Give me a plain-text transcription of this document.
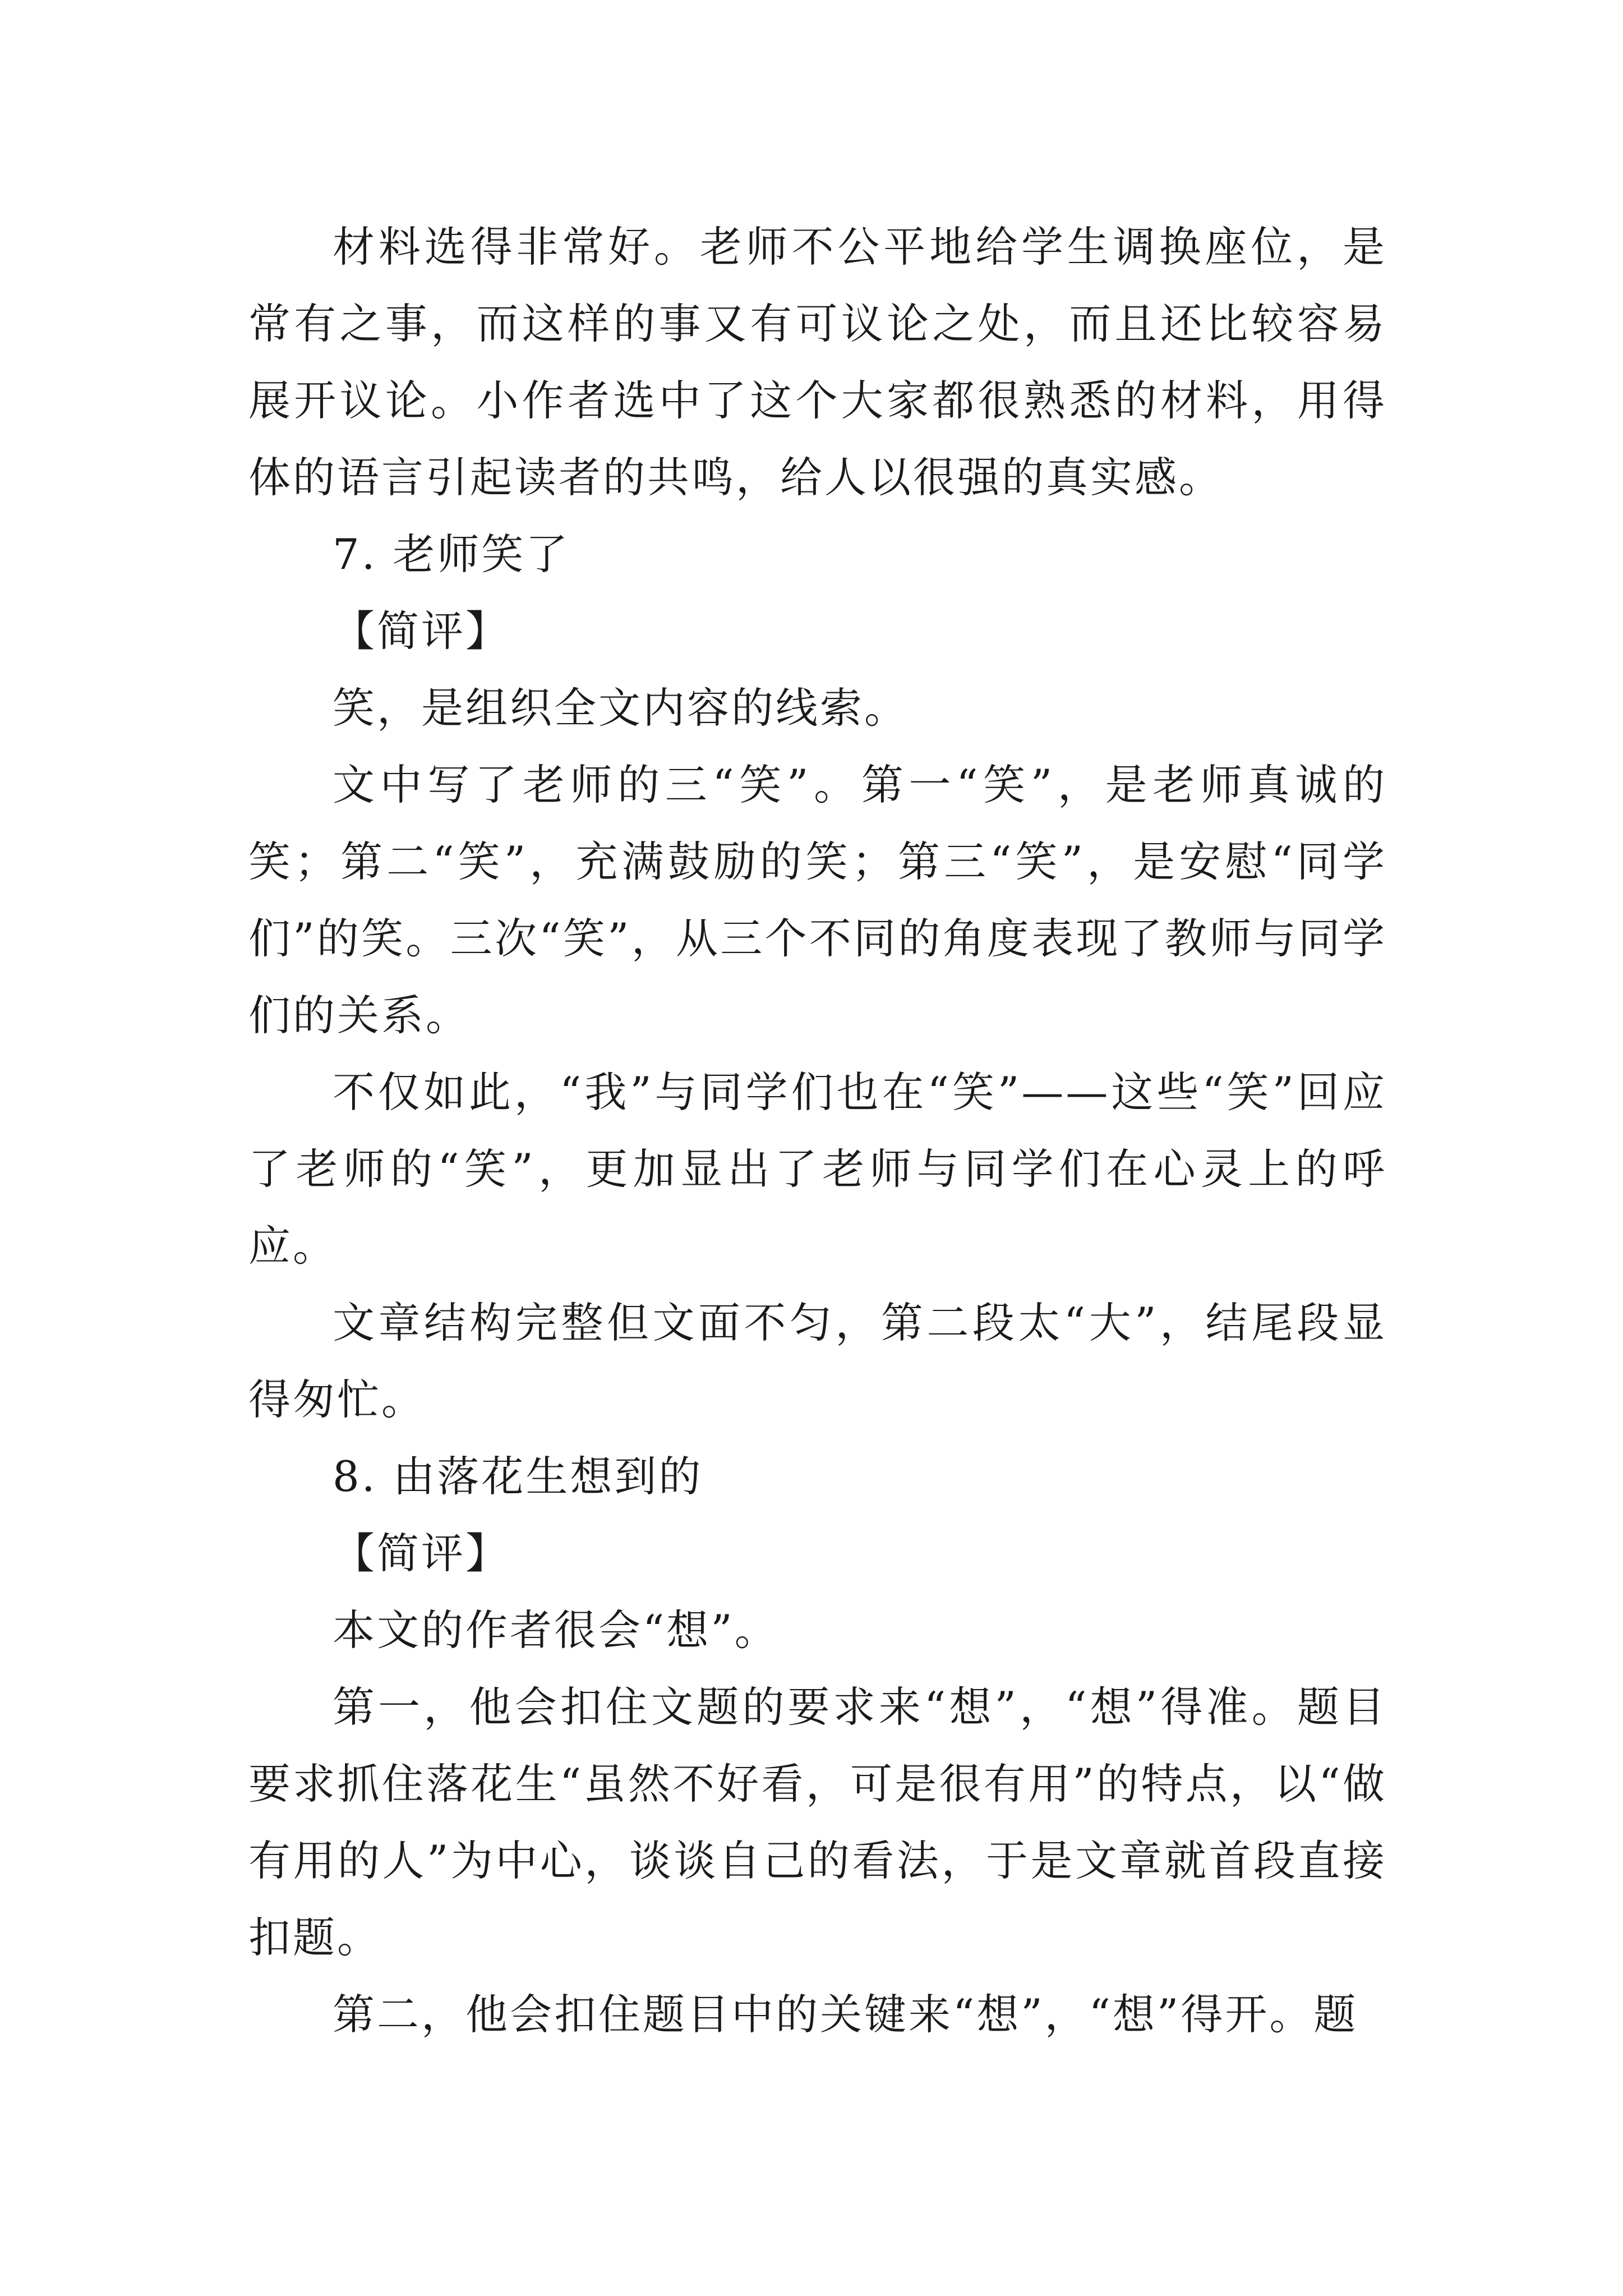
材料选得非常好。老师不公平地给学生调换座位，是常有之事，而这样的事又有可议论之处，而且还比较容易展开议论。小作者选中了这个大家都很熟悉的材料，用得体的语言引起读者的共鸣，给人以很强的真实感。

7. 老师笑了

【简评】

笑，是组织全文内容的线索。

文中写了老师的三“笑”。第一“笑”，是老师真诚的笑；第二“笑”，充满鼓励的笑；第三“笑”，是安慰“同学们”的笑。三次“笑”，从三个不同的角度表现了教师与同学们的关系。

不仅如此，“我”与同学们也在“笑”——这些“笑”回应了老师的“笑”，更加显出了老师与同学们在心灵上的呼应。

文章结构完整但文面不匀，第二段太“大”，结尾段显得匆忙。

8. 由落花生想到的

【简评】

本文的作者很会“想”。

第一，他会扣住文题的要求来“想”，“想”得准。题目要求抓住落花生“虽然不好看，可是很有用”的特点，以“做有用的人”为中心，谈谈自己的看法，于是文章就首段直接扣题。

第二，他会扣住题目中的关键来“想”，“想”得开。题
